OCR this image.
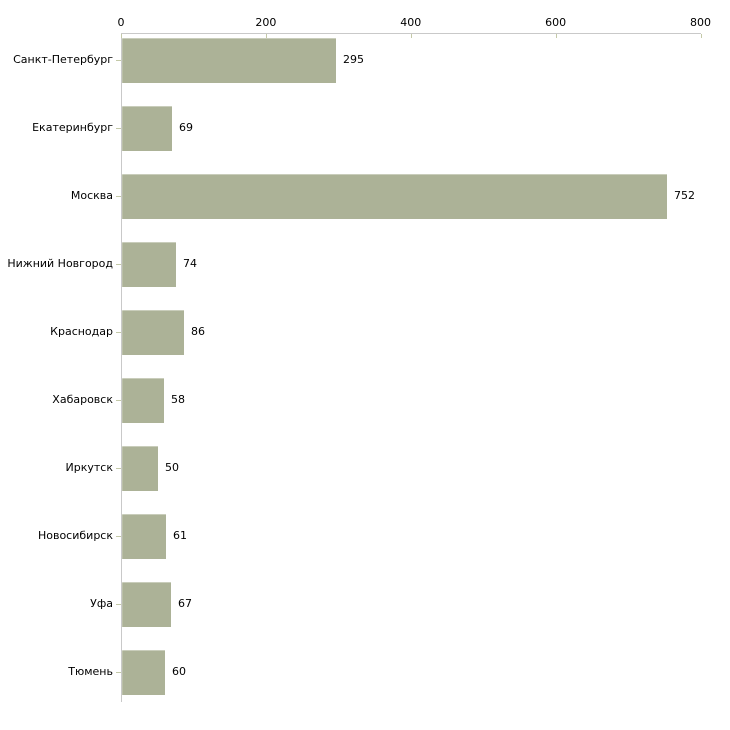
0	200	400	600	800
Санкт-Петербург	295
Екатеринбург	69
Москва	752
Нижний Новгород	74
Краснодар	86
Хабаровск	58
Иркутск	50
Новосибирск	61
Уфа	67
Тюмень	60
